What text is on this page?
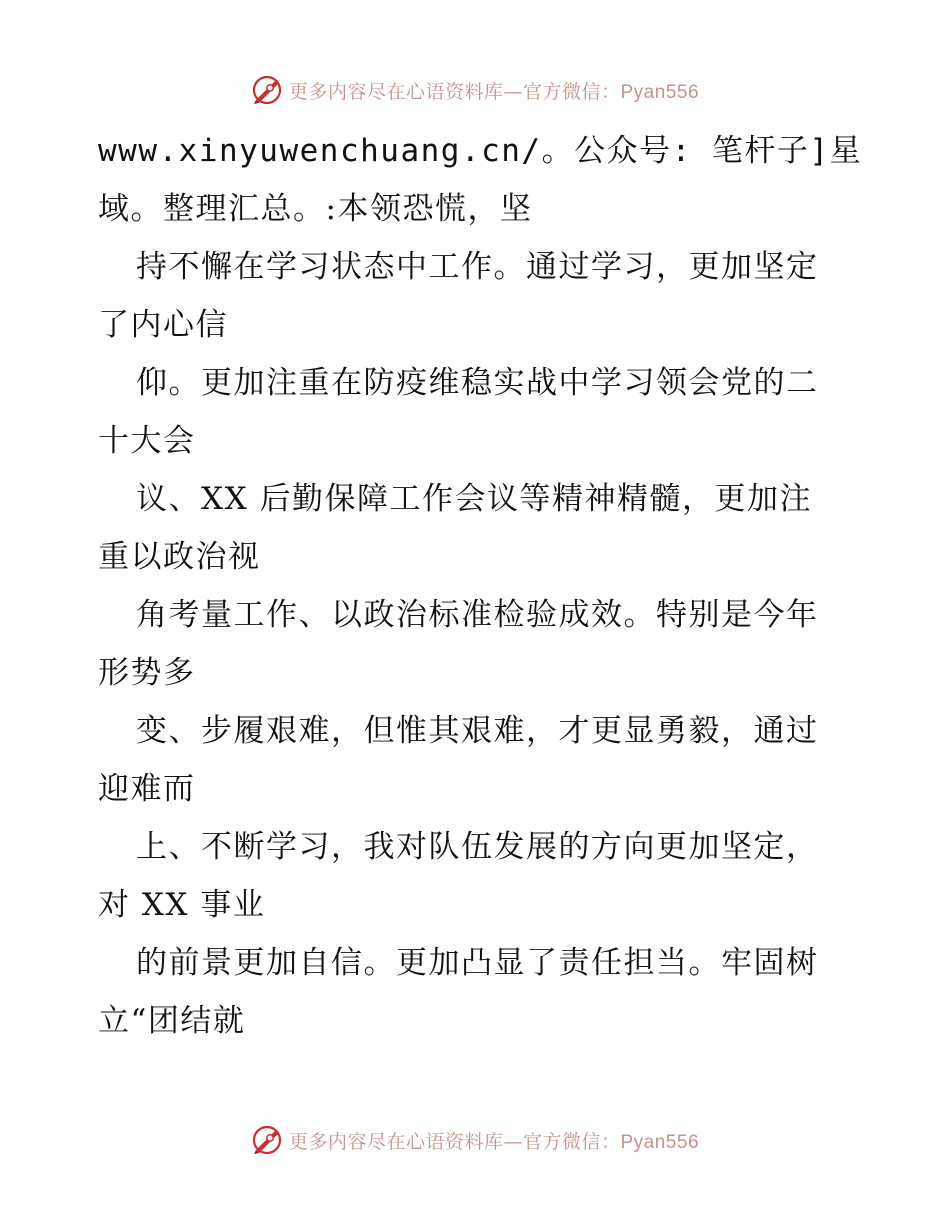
更多内容尽在心语资料库—官方微信：Pyan556
www.xinyuwenchuang.cn/。公众号: 笔杆子]星
域。整理汇总。:本领恐慌，坚
持不懈在学习状态中工作。通过学习，更加坚定
了内心信
仰。更加注重在防疫维稳实战中学习领会党的二
十大会
议、XX 后勤保障工作会议等精神精髓，更加注
重以政治视
角考量工作、以政治标准检验成效。特别是今年
形势多
变、步履艰难，但惟其艰难，才更显勇毅，通过
迎难而
上、不断学习，我对队伍发展的方向更加坚定，
对 XX 事业
的前景更加自信。更加凸显了责任担当。牢固树
立“团结就
更多内容尽在心语资料库—官方微信：Pyan556
